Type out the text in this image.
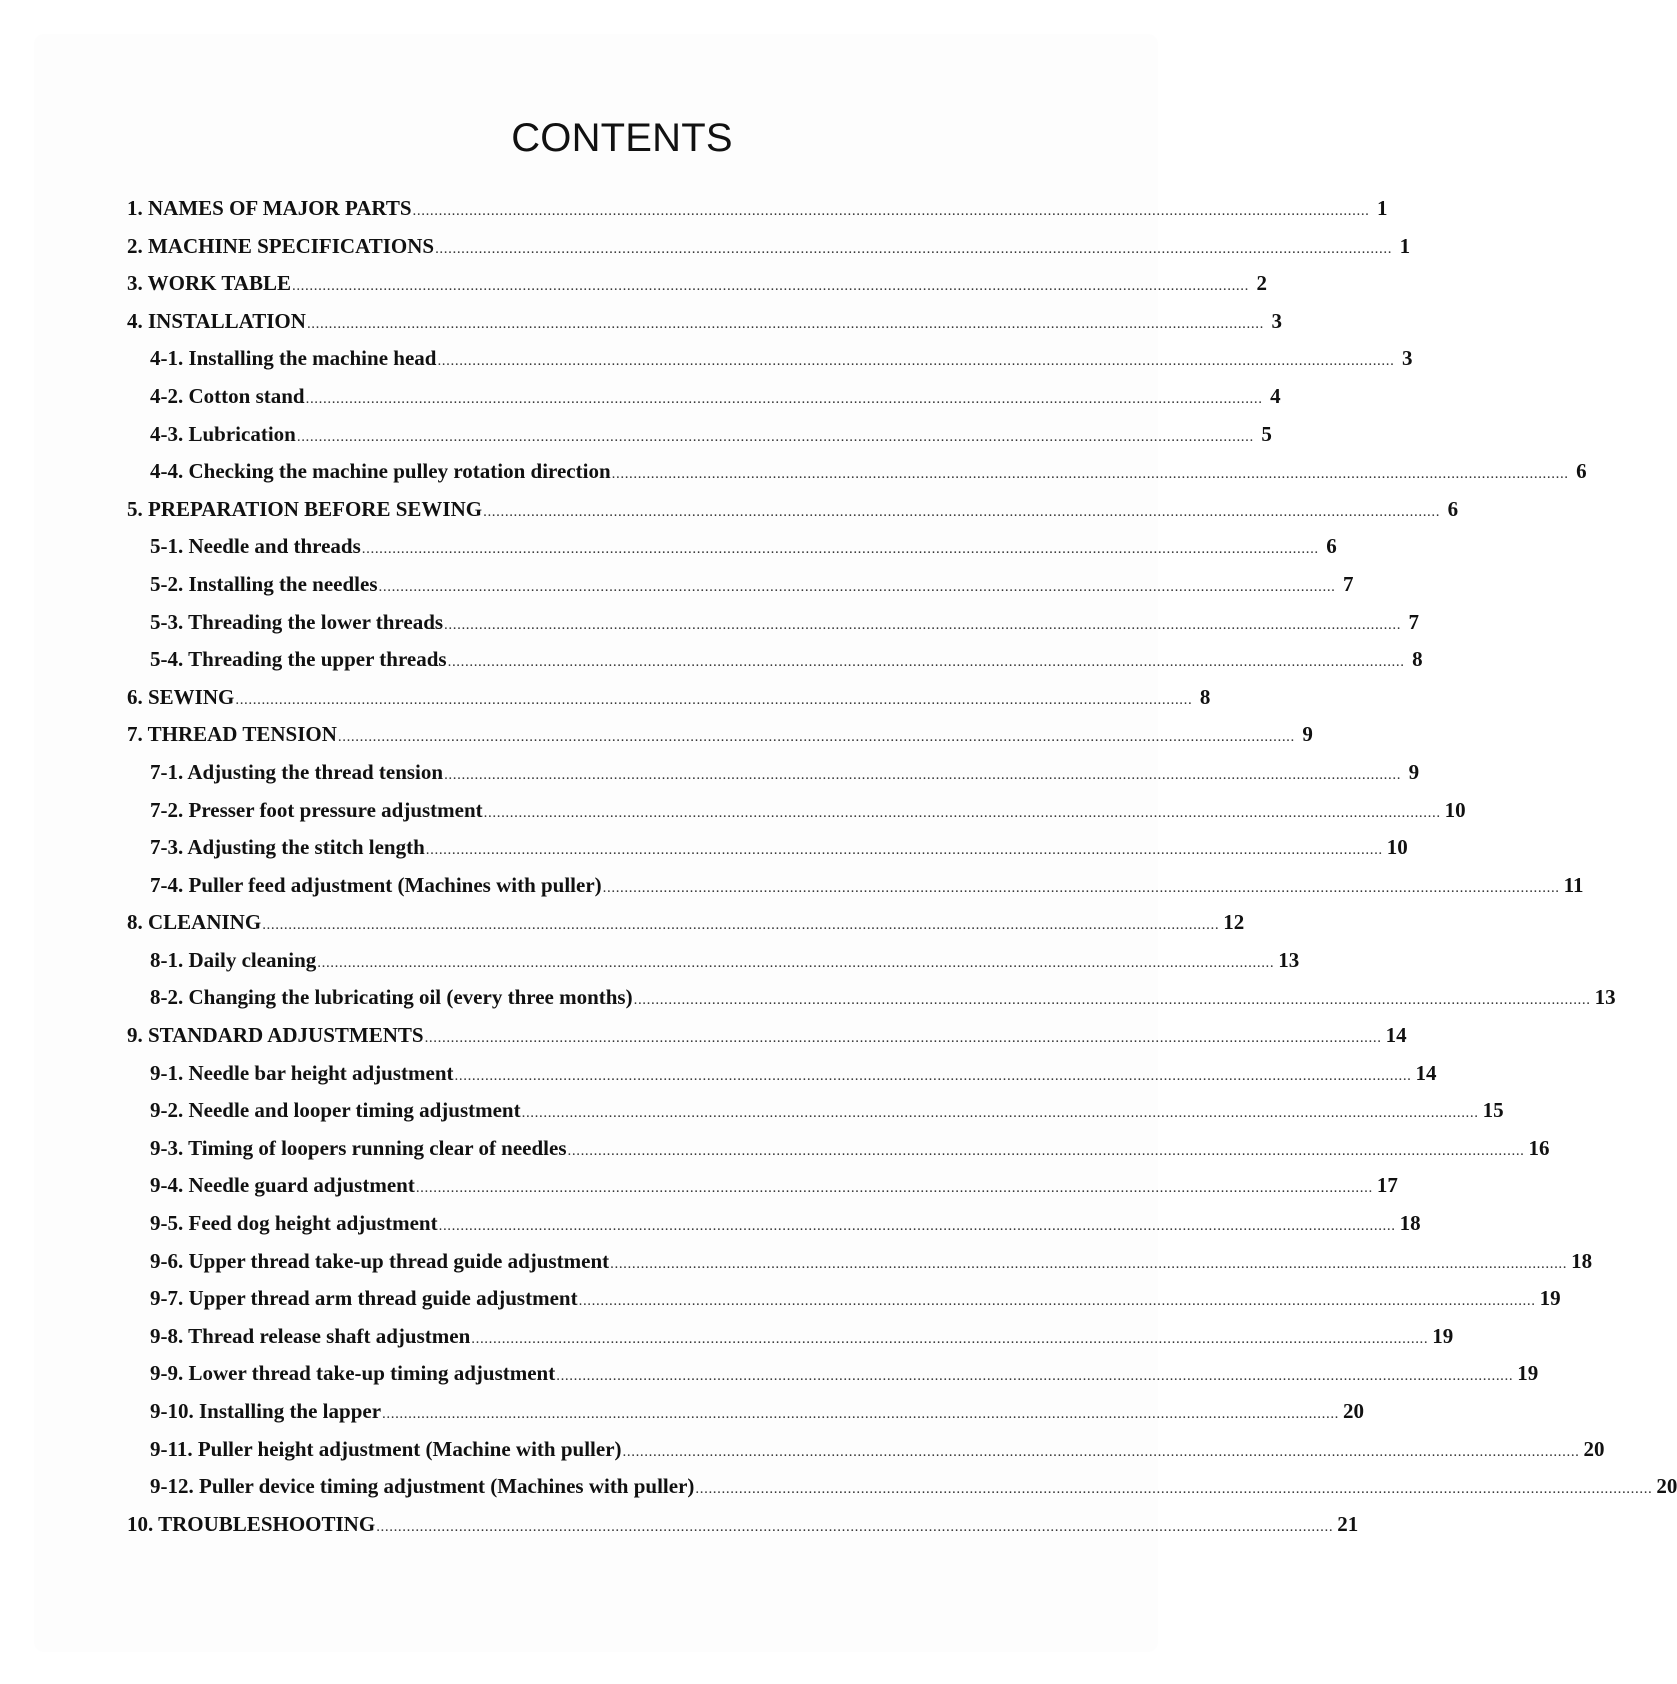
CONTENTS
1. NAMES OF MAJOR PARTS ............................................................................................................................................................................................................................ 1
2. MACHINE SPECIFICATIONS ............................................................................................................................................................................................................................ 1
3. WORK TABLE ............................................................................................................................................................................................................................ 2
4. INSTALLATION ............................................................................................................................................................................................................................ 3
4-1. Installing the machine head ............................................................................................................................................................................................................................ 3
4-2. Cotton stand ............................................................................................................................................................................................................................ 4
4-3. Lubrication ............................................................................................................................................................................................................................ 5
4-4. Checking the machine pulley rotation direction ............................................................................................................................................................................................................................ 6
5. PREPARATION BEFORE SEWING ............................................................................................................................................................................................................................ 6
5-1. Needle and threads ............................................................................................................................................................................................................................ 6
5-2. Installing the needles ............................................................................................................................................................................................................................ 7
5-3. Threading the lower threads ............................................................................................................................................................................................................................ 7
5-4. Threading the upper threads ............................................................................................................................................................................................................................ 8
6. SEWING ............................................................................................................................................................................................................................ 8
7. THREAD TENSION ............................................................................................................................................................................................................................ 9
7-1. Adjusting the thread tension ............................................................................................................................................................................................................................ 9
7-2. Presser foot pressure adjustment ............................................................................................................................................................................................................................ 10
7-3. Adjusting the stitch length ............................................................................................................................................................................................................................ 10
7-4. Puller feed adjustment (Machines with puller) ............................................................................................................................................................................................................................ 11
8. CLEANING ............................................................................................................................................................................................................................ 12
8-1. Daily cleaning ............................................................................................................................................................................................................................ 13
8-2. Changing the lubricating oil (every three months) ............................................................................................................................................................................................................................ 13
9. STANDARD ADJUSTMENTS ............................................................................................................................................................................................................................ 14
9-1. Needle bar height adjustment ............................................................................................................................................................................................................................ 14
9-2. Needle and looper timing adjustment ............................................................................................................................................................................................................................ 15
9-3. Timing of loopers running clear of needles ............................................................................................................................................................................................................................ 16
9-4. Needle guard adjustment ............................................................................................................................................................................................................................ 17
9-5. Feed dog height adjustment ............................................................................................................................................................................................................................ 18
9-6. Upper thread take-up thread guide adjustment ............................................................................................................................................................................................................................ 18
9-7. Upper thread arm thread guide adjustment ............................................................................................................................................................................................................................ 19
9-8. Thread release shaft adjustmen ............................................................................................................................................................................................................................ 19
9-9. Lower thread take-up timing adjustment ............................................................................................................................................................................................................................ 19
9-10. Installing the lapper ............................................................................................................................................................................................................................ 20
9-11. Puller height adjustment (Machine with puller) ............................................................................................................................................................................................................................ 20
9-12. Puller device timing adjustment (Machines with puller) ............................................................................................................................................................................................................................ 20
10. TROUBLESHOOTING ............................................................................................................................................................................................................................ 21
